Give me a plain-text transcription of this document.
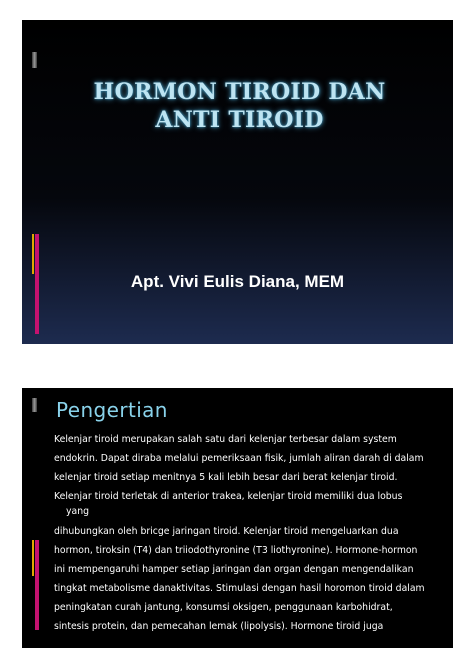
HORMON TIROID DAN ANTI TIROID

Apt. Vivi Eulis Diana, MEM

Pengertian

Kelenjar tiroid merupakan salah satu dari kelenjar terbesar dalam system
endokrin. Dapat diraba melalui pemeriksaan fisik, jumlah aliran darah di dalam
kelenjar tiroid setiap menitnya 5 kali lebih besar dari berat kelenjar tiroid.
Kelenjar tiroid terletak di anterior trakea, kelenjar tiroid memiliki dua lobus
yang
dihubungkan oleh bricge jaringan tiroid. Kelenjar tiroid mengeluarkan dua
hormon, tiroksin (T4) dan triiodothyronine (T3 liothyronine). Hormone-hormon
ini mempengaruhi hamper setiap jaringan dan organ dengan mengendalikan
tingkat metabolisme danaktivitas. Stimulasi dengan hasil horomon tiroid dalam
peningkatan curah jantung, konsumsi oksigen, penggunaan karbohidrat,
sintesis protein, dan pemecahan lemak (lipolysis). Hormone tiroid juga
